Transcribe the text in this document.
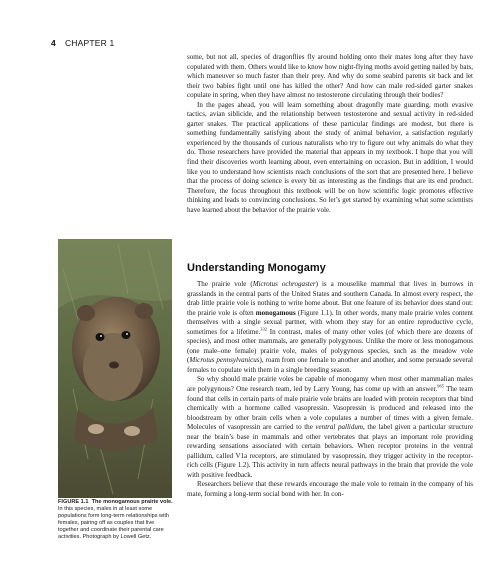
4 CHAPTER 1

some, but not all, species of dragonflies fly around holding onto their mates long after they have copulated with them. Others would like to know how night-flying moths avoid getting nailed by bats, which maneuver so much faster than their prey. And why do some seabird parents sit back and let their two babies fight until one has killed the other? And how can male red-sided garter snakes copulate in spring, when they have almost no testosterone circulating through their bodies?

In the pages ahead, you will learn something about dragonfly mate guarding, moth evasive tactics, avian siblicide, and the relationship between testosterone and sexual activity in red-sided garter snakes. The practical applications of these particular findings are modest, but there is something fundamentally satisfying about the study of animal behavior, a satisfaction regularly experienced by the thousands of curious naturalists who try to figure out why animals do what they do. Those researchers have provided the material that appears in my textbook. I hope that you will find their discoveries worth learning about, even entertaining on occasion. But in addition, I would like you to understand how scientists reach conclusions of the sort that are presented here. I believe that the process of doing science is every bit as interesting as the findings that are its end product. Therefore, the focus throughout this textbook will be on how scientific logic promotes effective thinking and leads to convincing conclusions. So let’s get started by examining what some scientists have learned about the behavior of the prairie vole.

Understanding Monogamy

The prairie vole (Microtus ochrogaster) is a mouselike mammal that lives in burrows in grasslands in the central parts of the United States and southern Canada. In almost every respect, the drab little prairie vole is nothing to write home about. But one feature of its behavior does stand out: the prairie vole is often monogamous (Figure 1.1). In other words, many male prairie voles content themselves with a single sexual partner, with whom they stay for an entire reproductive cycle, sometimes for a lifetime.$^{332}$ In contrast, males of many other voles (of which there are dozens of species), and most other mammals, are generally polygynous. Unlike the more or less monogamous (one male–one female) prairie vole, males of polygynous species, such as the meadow vole (Microtus pennsylvanicus), roam from one female to another and another, and some persuade several females to copulate with them in a single breeding season.

So why should male prairie voles be capable of monogamy when most other mammalian males are polygynous? One research team, led by Larry Young, has come up with an answer.$^{965}$ The team found that cells in certain parts of male prairie vole brains are loaded with protein receptors that bind chemically with a hormone called vasopressin. Vasopressin is produced and released into the bloodstream by other brain cells when a vole copulates a number of times with a given female. Molecules of vasopressin are carried to the ventral pallidum, the label given a particular structure near the brain’s base in mammals and other vertebrates that plays an important role providing rewarding sensations associated with certain behaviors. When receptor proteins in the ventral pallidum, called V1a receptors, are stimulated by vasopressin, they trigger activity in the receptor-rich cells (Figure 1.2). This activity in turn affects neural pathways in the brain that provide the vole with positive feedback.

Researchers believe that these rewards encourage the male vole to remain in the company of his mate, forming a long-term social bond with her. In con-

FIGURE 1.1 The monogamous prairie vole. In this species, males in at least some populations form long-term relationships with females, pairing off as couples that live together and coordinate their parental care activities. Photograph by Lowell Getz.
